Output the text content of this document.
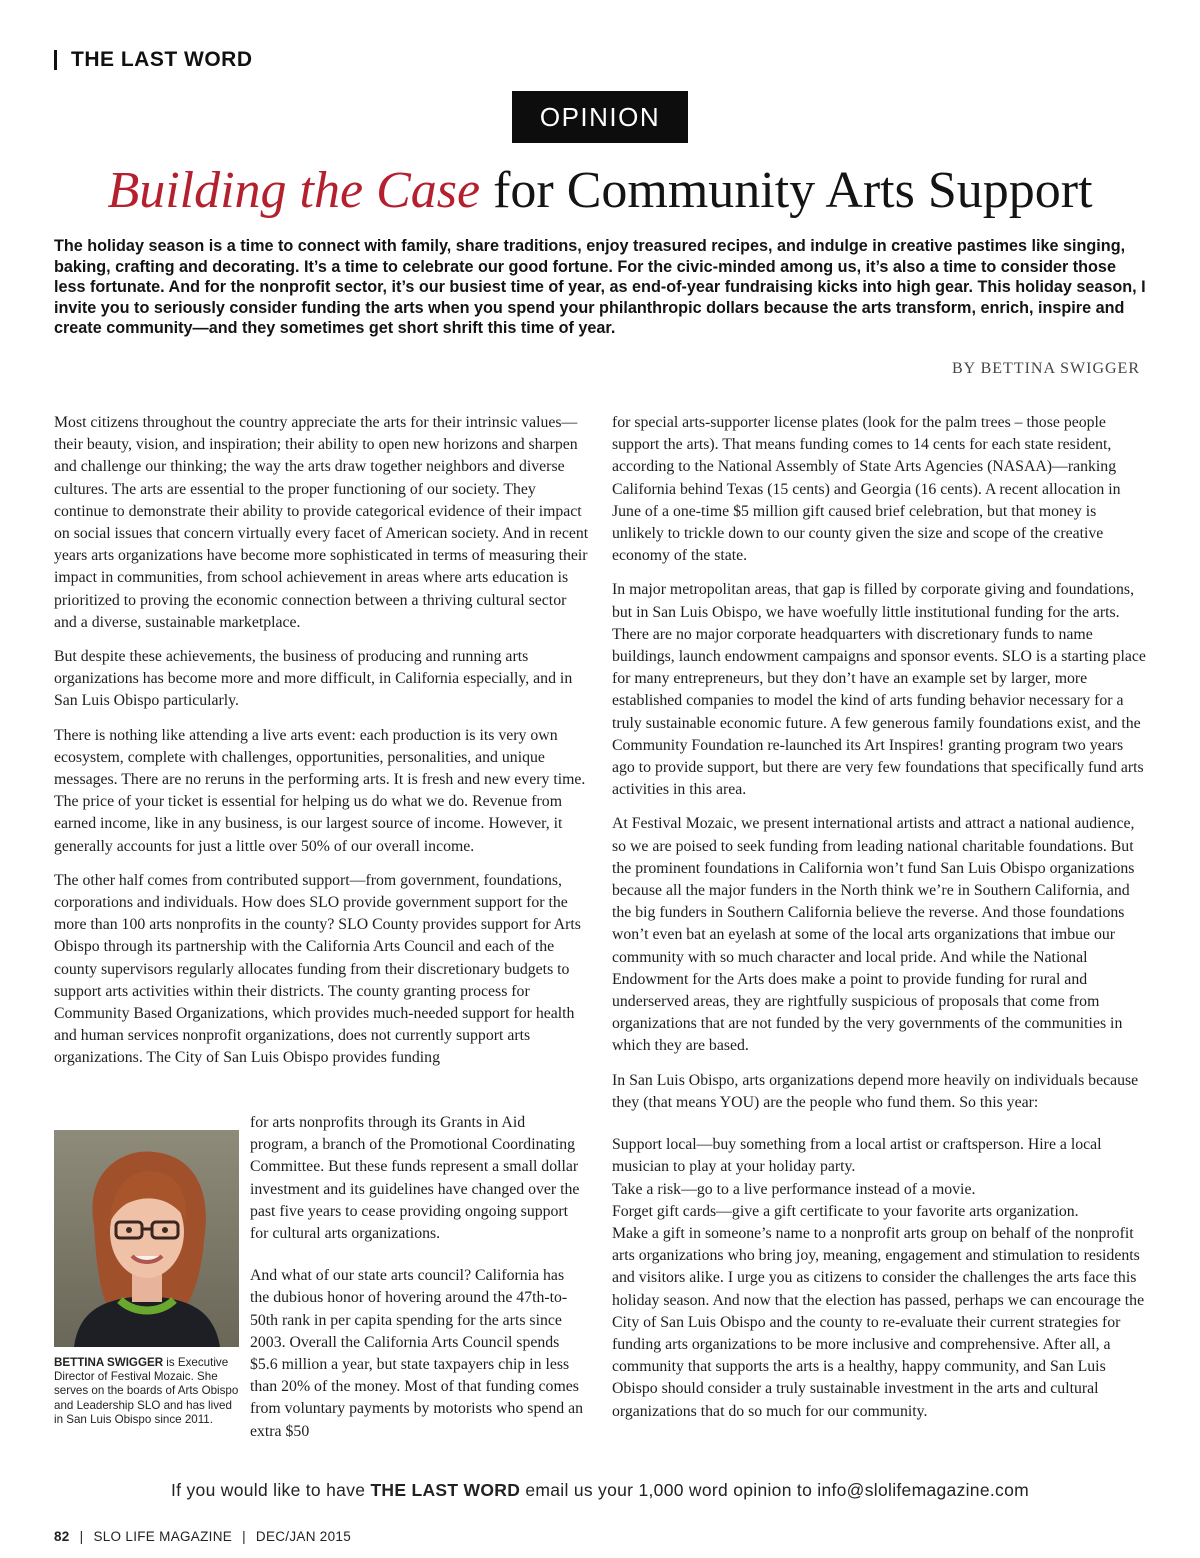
THE LAST WORD
OPINION
Building the Case for Community Arts Support
The holiday season is a time to connect with family, share traditions, enjoy treasured recipes, and indulge in creative pastimes like singing, baking, crafting and decorating. It’s a time to celebrate our good fortune. For the civic-minded among us, it’s also a time to consider those less fortunate. And for the nonprofit sector, it’s our busiest time of year, as end-of-year fundraising kicks into high gear. This holiday season, I invite you to seriously consider funding the arts when you spend your philanthropic dollars because the arts transform, enrich, inspire and create community—and they sometimes get short shrift this time of year.
BY BETTINA SWIGGER

Most citizens throughout the country appreciate the arts for their intrinsic values—their beauty, vision, and inspiration; their ability to open new horizons and sharpen and challenge our thinking; the way the arts draw together neighbors and diverse cultures. The arts are essential to the proper functioning of our society. They continue to demonstrate their ability to provide categorical evidence of their impact on social issues that concern virtually every facet of American society. And in recent years arts organizations have become more sophisticated in terms of measuring their impact in communities, from school achievement in areas where arts education is prioritized to proving the economic connection between a thriving cultural sector and a diverse, sustainable marketplace.

But despite these achievements, the business of producing and running arts organizations has become more and more difficult, in California especially, and in San Luis Obispo particularly.

There is nothing like attending a live arts event: each production is its very own ecosystem, complete with challenges, opportunities, personalities, and unique messages. There are no reruns in the performing arts. It is fresh and new every time. The price of your ticket is essential for helping us do what we do. Revenue from earned income, like in any business, is our largest source of income. However, it generally accounts for just a little over 50% of our overall income.

The other half comes from contributed support—from government, foundations, corporations and individuals. How does SLO provide government support for the more than 100 arts nonprofits in the county? SLO County provides support for Arts Obispo through its partnership with the California Arts Council and each of the county supervisors regularly allocates funding from their discretionary budgets to support arts activities within their districts. The county granting process for Community Based Organizations, which provides much-needed support for health and human services nonprofit organizations, does not currently support arts organizations. The City of San Luis Obispo provides funding

for arts nonprofits through its Grants in Aid program, a branch of the Promotional Coordinating Committee. But these funds represent a small dollar investment and its guidelines have changed over the past five years to cease providing ongoing support for cultural arts organizations.

And what of our state arts council? California has the dubious honor of hovering around the 47th-to-50th rank in per capita spending for the arts since 2003. Overall the California Arts Council spends $5.6 million a year, but state taxpayers chip in less than 20% of the money. Most of that funding comes from voluntary payments by motorists who spend an extra $50

BETTINA SWIGGER is Executive Director of Festival Mozaic. She serves on the boards of Arts Obispo and Leadership SLO and has lived in San Luis Obispo since 2011.

for special arts-supporter license plates (look for the palm trees – those people support the arts). That means funding comes to 14 cents for each state resident, according to the National Assembly of State Arts Agencies (NASAA)—ranking California behind Texas (15 cents) and Georgia (16 cents). A recent allocation in June of a one-time $5 million gift caused brief celebration, but that money is unlikely to trickle down to our county given the size and scope of the creative economy of the state.

In major metropolitan areas, that gap is filled by corporate giving and foundations, but in San Luis Obispo, we have woefully little institutional funding for the arts. There are no major corporate headquarters with discretionary funds to name buildings, launch endowment campaigns and sponsor events. SLO is a starting place for many entrepreneurs, but they don’t have an example set by larger, more established companies to model the kind of arts funding behavior necessary for a truly sustainable economic future. A few generous family foundations exist, and the Community Foundation re-launched its Art Inspires! granting program two years ago to provide support, but there are very few foundations that specifically fund arts activities in this area.

At Festival Mozaic, we present international artists and attract a national audience, so we are poised to seek funding from leading national charitable foundations. But the prominent foundations in California won’t fund San Luis Obispo organizations because all the major funders in the North think we’re in Southern California, and the big funders in Southern California believe the reverse. And those foundations won’t even bat an eyelash at some of the local arts organizations that imbue our community with so much character and local pride. And while the National Endowment for the Arts does make a point to provide funding for rural and underserved areas, they are rightfully suspicious of proposals that come from organizations that are not funded by the very governments of the communities in which they are based.

In San Luis Obispo, arts organizations depend more heavily on individuals because they (that means YOU) are the people who fund them. So this year:

Support local—buy something from a local artist or craftsperson. Hire a local musician to play at your holiday party.
Take a risk—go to a live performance instead of a movie.
Forget gift cards—give a gift certificate to your favorite arts organization.
Make a gift in someone’s name to a nonprofit arts group on behalf of the nonprofit arts organizations who bring joy, meaning, engagement and stimulation to residents and visitors alike. I urge you as citizens to consider the challenges the arts face this holiday season. And now that the election has passed, perhaps we can encourage the City of San Luis Obispo and the county to re-evaluate their current strategies for funding arts organizations to be more inclusive and comprehensive. After all, a community that supports the arts is a healthy, happy community, and San Luis Obispo should consider a truly sustainable investment in the arts and cultural organizations that do so much for our community.
If you would like to have THE LAST WORD email us your 1,000 word opinion to info@slolifemagazine.com
82 | SLO LIFE MAGAZINE | DEC/JAN 2015
